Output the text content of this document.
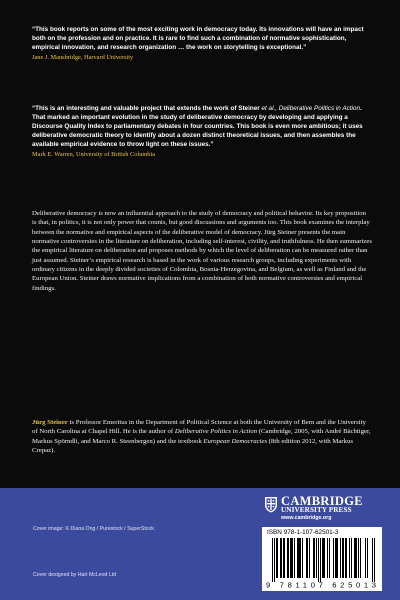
“This book reports on some of the most exciting work in democracy today. Its innovations will have an impact both on the profession and on practice. It is rare to find such a combination of normative sophistication, empirical innovation, and research organization … the work on storytelling is exceptional.”
Jane J. Mansbridge, Harvard University
“This is an interesting and valuable project that extends the work of Steiner et al., Deliberative Politics in Action. That marked an important evolution in the study of deliberative democracy by developing and applying a Discourse Quality Index to parliamentary debates in four countries. This book is even more ambitious; it uses deliberative democratic theory to identify about a dozen distinct theoretical issues, and then assembles the available empirical evidence to throw light on these issues.”
Mark E. Warren, University of British Columbia
Deliberative democracy is now an influential approach to the study of democracy and political behavior. Its key proposition is that, in politics, it is not only power that counts, but good discussions and arguments too. This book examines the interplay between the normative and empirical aspects of the deliberative model of democracy. Jürg Steiner presents the main normative controversies in the literature on deliberation, including self-interest, civility, and truthfulness. He then summarizes the empirical literature on deliberation and proposes methods by which the level of deliberation can be measured rather than just assumed. Steiner’s empirical research is based in the work of various research groups, including experiments with ordinary citizens in the deeply divided societies of Colombia, Bosnia-Herzegovina, and Belgium, as well as Finland and the European Union. Steiner draws normative implications from a combination of both normative controversies and empirical findings.
Jürg Steiner is Professor Emeritus in the Department of Political Science at both the University of Bern and the University of North Carolina at Chapel Hill. He is the author of Deliberative Politics in Action (Cambridge, 2005, with André Bächtiger, Markus Spörndli, and Marco R. Steenbergen) and the textbook European Democracies (8th edition 2012, with Markus Crepaz).
Cover image: © Diana Ong / Purestock / SuperStock.
Cover designed by Hart McLeod Ltd
CAMBRIDGE
UNIVERSITY PRESS
www.cambridge.org
ISBN 978-1-107-62501-3
9 781107 625013
